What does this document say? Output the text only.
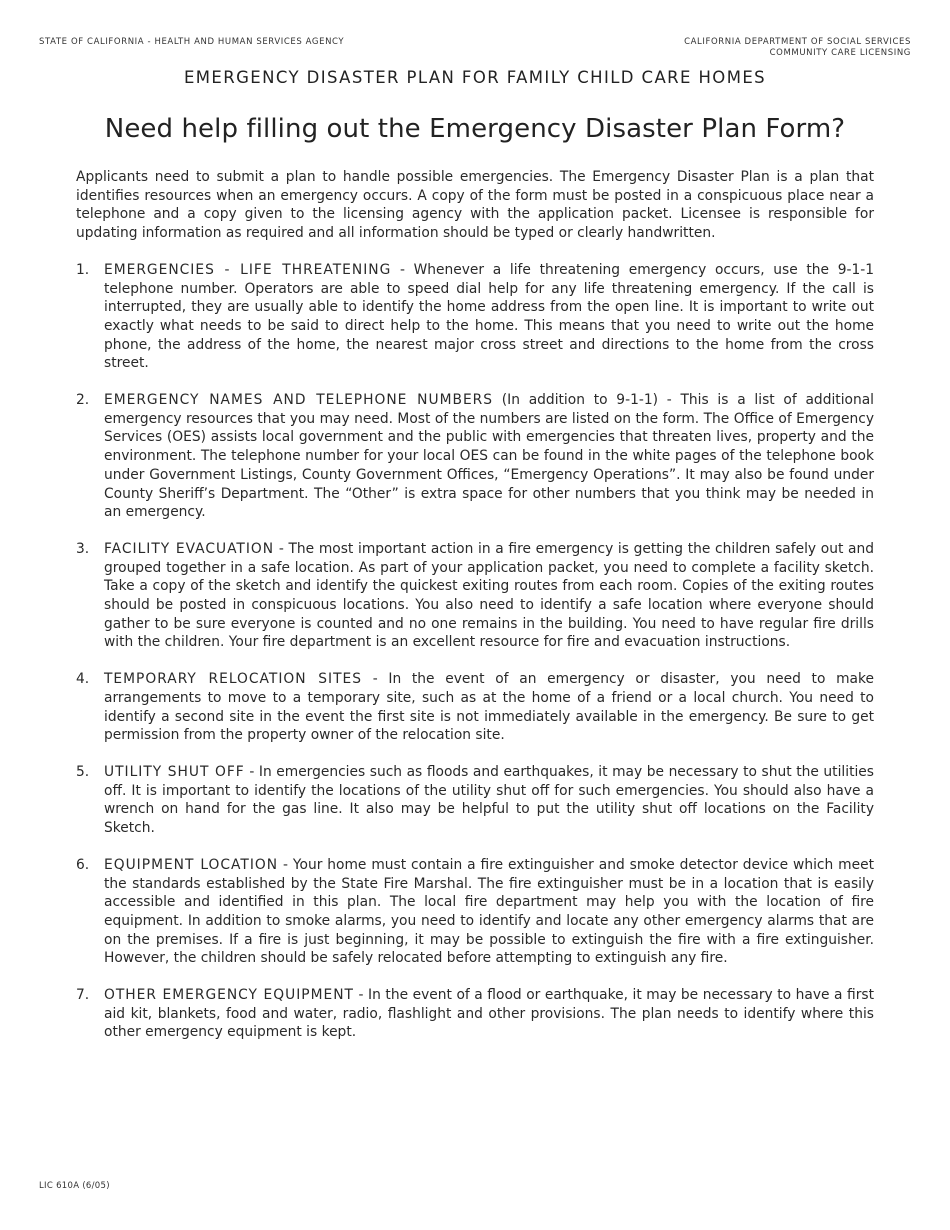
STATE OF CALIFORNIA - HEALTH AND HUMAN SERVICES AGENCY	CALIFORNIA DEPARTMENT OF SOCIAL SERVICES
COMMUNITY CARE LICENSING
EMERGENCY DISASTER PLAN FOR FAMILY CHILD CARE HOMES
Need help filling out the Emergency Disaster Plan Form?

Applicants need to submit a plan to handle possible emergencies. The Emergency Disaster Plan is a plan that identifies resources when an emergency occurs. A copy of the form must be posted in a conspicuous place near a telephone and a copy given to the licensing agency with the application packet. Licensee is responsible for updating information as required and all information should be typed or clearly handwritten.

1.	EMERGENCIES - LIFE THREATENING - Whenever a life threatening emergency occurs, use the 9-1-1 telephone number. Operators are able to speed dial help for any life threatening emergency. If the call is interrupted, they are usually able to identify the home address from the open line. It is important to write out exactly what needs to be said to direct help to the home. This means that you need to write out the home phone, the address of the home, the nearest major cross street and directions to the home from the cross street.
2.	EMERGENCY NAMES AND TELEPHONE NUMBERS (In addition to 9-1-1) - This is a list of additional emergency resources that you may need. Most of the numbers are listed on the form. The Office of Emergency Services (OES) assists local government and the public with emergencies that threaten lives, property and the environment. The telephone number for your local OES can be found in the white pages of the telephone book under Government Listings, County Government Offices, “Emergency Operations”. It may also be found under County Sheriff’s Department. The “Other” is extra space for other numbers that you think may be needed in an emergency.
3.	FACILITY EVACUATION - The most important action in a fire emergency is getting the children safely out and grouped together in a safe location. As part of your application packet, you need to complete a facility sketch. Take a copy of the sketch and identify the quickest exiting routes from each room. Copies of the exiting routes should be posted in conspicuous locations. You also need to identify a safe location where everyone should gather to be sure everyone is counted and no one remains in the building. You need to have regular fire drills with the children. Your fire department is an excellent resource for fire and evacuation instructions.
4.	TEMPORARY RELOCATION SITES - In the event of an emergency or disaster, you need to make arrangements to move to a temporary site, such as at the home of a friend or a local church. You need to identify a second site in the event the first site is not immediately available in the emergency. Be sure to get permission from the property owner of the relocation site.
5.	UTILITY SHUT OFF - In emergencies such as floods and earthquakes, it may be necessary to shut the utilities off. It is important to identify the locations of the utility shut off for such emergencies. You should also have a wrench on hand for the gas line. It also may be helpful to put the utility shut off locations on the Facility Sketch.
6.	EQUIPMENT LOCATION - Your home must contain a fire extinguisher and smoke detector device which meet the standards established by the State Fire Marshal. The fire extinguisher must be in a location that is easily accessible and identified in this plan. The local fire department may help you with the location of fire equipment. In addition to smoke alarms, you need to identify and locate any other emergency alarms that are on the premises. If a fire is just beginning, it may be possible to extinguish the fire with a fire extinguisher. However, the children should be safely relocated before attempting to extinguish any fire.
7.	OTHER EMERGENCY EQUIPMENT - In the event of a flood or earthquake, it may be necessary to have a first aid kit, blankets, food and water, radio, flashlight and other provisions. The plan needs to identify where this other emergency equipment is kept.
LIC 610A (6/05)
